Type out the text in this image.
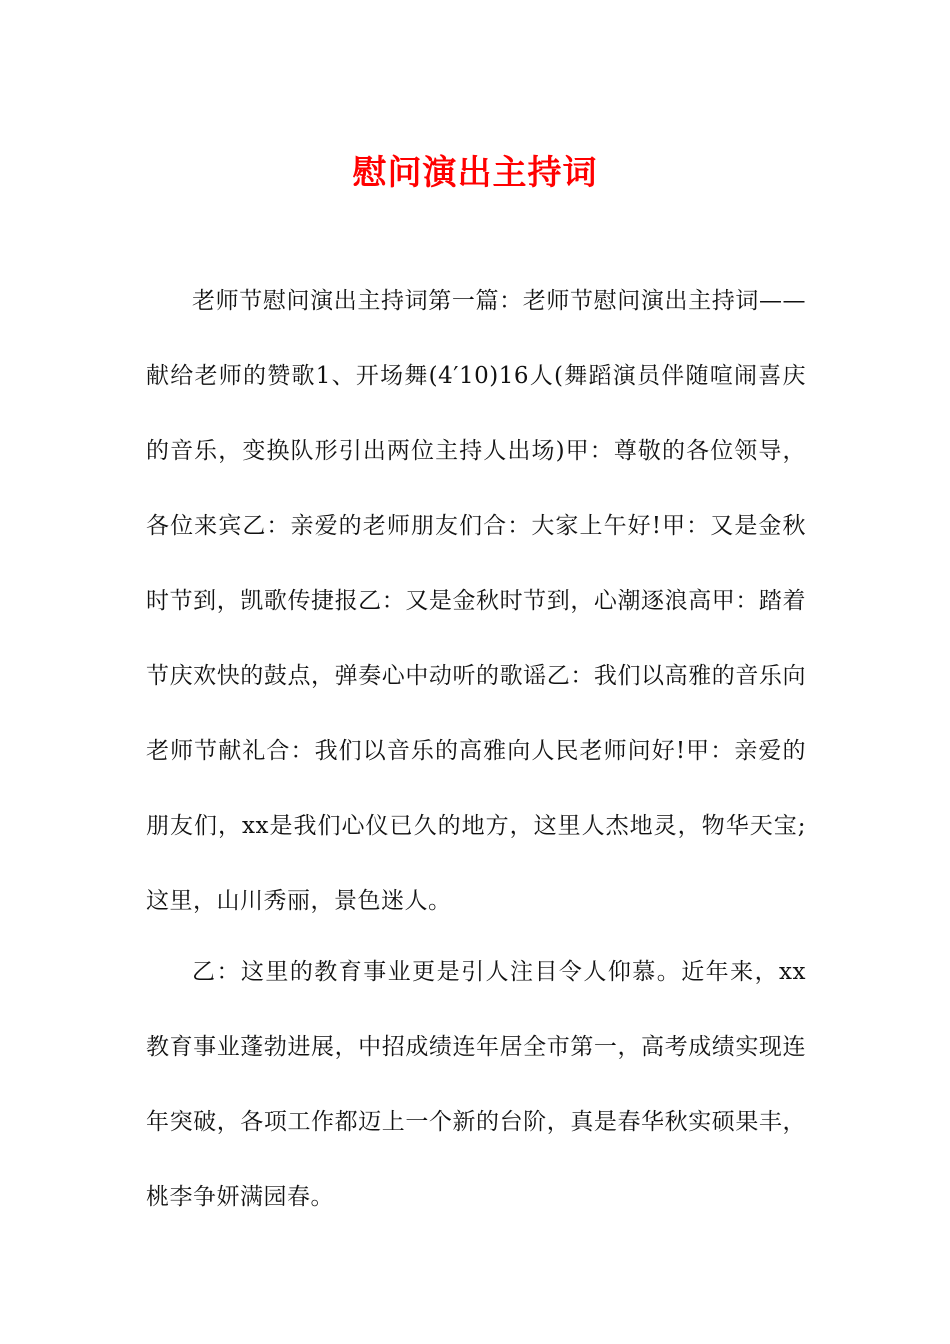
慰问演出主持词

老师节慰问演出主持词第一篇：老师节慰问演出主持词——献给老师的赞歌1、开场舞(4′10)16人(舞蹈演员伴随喧闹喜庆的音乐，变换队形引出两位主持人出场)甲：尊敬的各位领导，各位来宾乙：亲爱的老师朋友们合：大家上午好!甲：又是金秋时节到，凯歌传捷报乙：又是金秋时节到，心潮逐浪高甲：踏着节庆欢快的鼓点，弹奏心中动听的歌谣乙：我们以高雅的音乐向老师节献礼合：我们以音乐的高雅向人民老师问好!甲：亲爱的朋友们，xx是我们心仪已久的地方，这里人杰地灵，物华天宝;这里，山川秀丽，景色迷人。

乙：这里的教育事业更是引人注目令人仰慕。近年来，xx教育事业蓬勃进展，中招成绩连年居全市第一，高考成绩实现连年突破，各项工作都迈上一个新的台阶，真是春华秋实硕果丰，桃李争妍满园春。
